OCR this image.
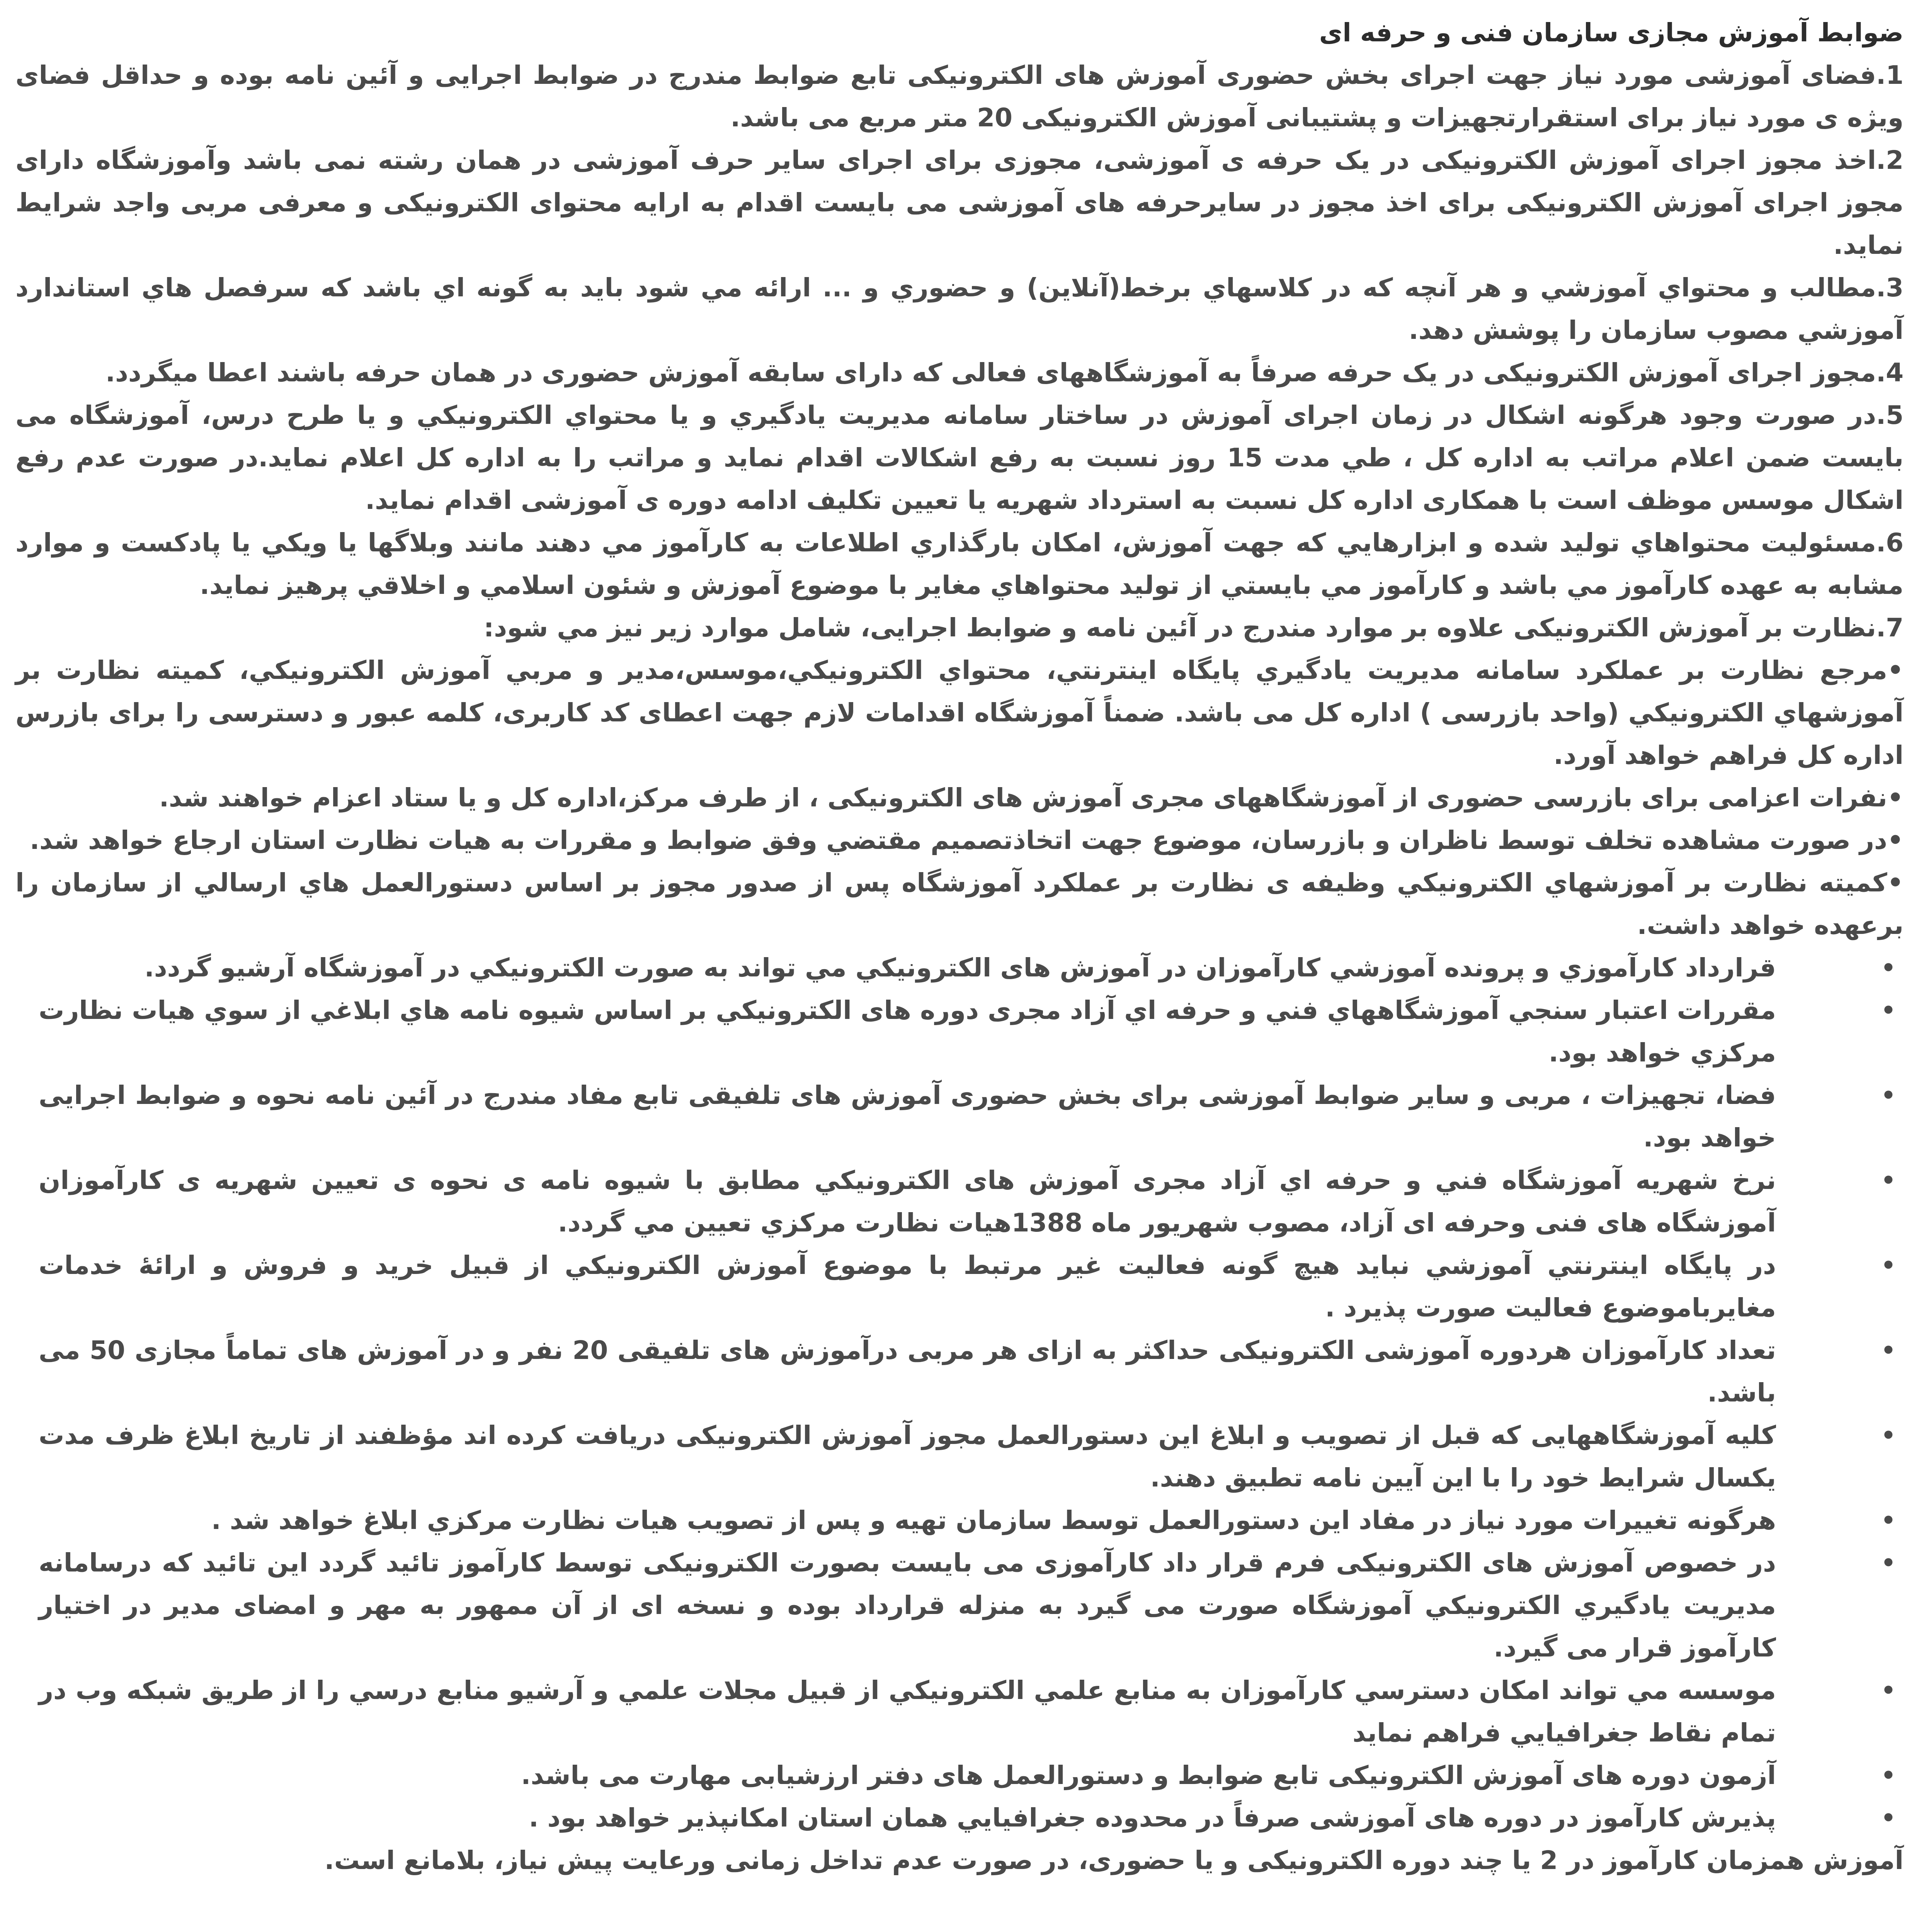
ضوابط آموزش مجازی سازمان فنی و حرفه ای

1.فضای آموزشی مورد نیاز جهت اجرای بخش حضوری آموزش های الکترونیکی تابع ضوابط مندرج در ضوابط اجرایی و آئین نامه بوده و حداقل فضای ویژه ی مورد نیاز برای استقرارتجهیزات و پشتیبانی آموزش الکترونیکی 20 متر مربع می باشد.

2.اخذ مجوز اجرای آموزش الکترونیکی در یک حرفه ی آموزشی، مجوزی برای اجرای سایر حرف آموزشی در همان رشته نمی باشد وآموزشگاه دارای مجوز اجرای آموزش الکترونیکی برای اخذ مجوز در سایرحرفه های آموزشی می بایست اقدام به ارایه محتوای الکترونیکی و معرفی مربی واجد شرایط نماید.

3.مطالب و محتواي آموزشي و هر آنچه که در كلاسهاي برخط(آنلاين) و حضوري و ... ارائه مي شود بايد به گونه اي باشد كه سرفصل هاي استاندارد آموزشي مصوب سازمان را پوشش دهد.

4.مجوز اجرای آموزش الکترونیکی در یک حرفه صرفاً به آموزشگاههای فعالی که دارای سابقه آموزش حضوری در همان حرفه باشند اعطا میگردد.

5.در صورت وجود هرگونه اشکال در زمان اجرای آموزش در ساختار سامانه مديريت يادگيري و يا محتواي الكترونيكي و يا طرح درس، آموزشگاه می بایست ضمن اعلام مراتب به اداره کل ، طي مدت 15 روز نسبت به رفع اشكالات اقدام نماید و مراتب را به اداره کل اعلام نماید.در صورت عدم رفع اشکال موسس موظف است با همکاری اداره کل نسبت به استرداد شهریه یا تعیین تکلیف ادامه دوره ی آموزشی اقدام نماید.

6.مسئوليت محتواهاي توليد شده و ابزارهايي كه جهت آموزش، امكان بارگذاري اطلاعات به كارآموز مي دهند مانند وبلاگها يا ويكي يا پادكست و موارد مشابه به عهده كارآموز مي باشد و كارآموز مي بايستي از توليد محتواهاي مغاير با موضوع آموزش و شئون اسلامي و اخلاقي پرهيز نمايد.

7.نظارت بر آموزش الکترونیکی علاوه بر موارد مندرج در آئین نامه و ضوابط اجرایی، شامل موارد زير نيز مي شود:

•مرجع نظارت بر عملكرد سامانه مديريت يادگيري پايگاه اينترنتي، محتواي الكترونيكي،موسس،مدير و مربي آموزش الكترونيكي، كميته نظارت بر آموزشهاي الكترونيكي (واحد بازرسی ) اداره كل می باشد. ضمناً آموزشگاه اقدامات لازم جهت اعطای کد کاربری، کلمه عبور و دسترسی را برای بازرس اداره کل فراهم خواهد آورد.

•نفرات اعزامی برای بازرسی حضوری از آموزشگاههای مجری آموزش های الکترونیکی ، از طرف مرکز،اداره کل و یا ستاد اعزام خواهند شد.

•در صورت مشاهده تخلف توسط ناظران و بازرسان، موضوع جهت اتخاذتصميم مقتضي وفق ضوابط و مقررات به هيات نظارت استان ارجاع خواهد شد.

•كميته نظارت بر آموزشهاي الكترونيكي وظيفه ی نظارت بر عملكرد آموزشگاه پس از صدور مجوز بر اساس دستورالعمل هاي ارسالي از سازمان را برعهده خواهد داشت.

•
قرارداد كارآموزي و پرونده آموزشي كارآموزان در آموزش های الكترونيكي مي تواند به صورت الكترونيكي در آموزشگاه آرشيو گردد.
•
مقررات اعتبار سنجي آموزشگاههاي فني و حرفه اي آزاد مجری دوره های الكترونيكي بر اساس شيوه نامه هاي ابلاغي از سوي هيات نظارت مركزي خواهد بود.
•
فضا، تجهیزات ، مربی و سایر ضوابط آموزشی برای بخش حضوری آموزش های تلفیقی تابع مفاد مندرج در آئین نامه نحوه و ضوابط اجرایی خواهد بود.
•
نرخ شهريه آموزشگاه فني و حرفه اي آزاد مجری آموزش های الكترونيكي مطابق با شيوه نامه ی نحوه ی تعيين شهريه ی کارآموزان آموزشگاه های فنی وحرفه ای آزاد، مصوب شهریور ماه 1388هيات نظارت مركزي تعيين مي گردد.
•
در پايگاه اينترنتي آموزشي نبايد هيچ گونه فعاليت غير مرتبط با موضوع آموزش الكترونيكي از قبيل خريد و فروش و ارائۀ خدمات مغايرباموضوع فعالیت صورت پذیرد .
•
تعداد کارآموزان هردوره آموزشی الکترونیکی حداکثر به ازای هر مربی درآموزش های تلفیقی 20 نفر و در آموزش های تماماً مجازی 50 می باشد.
•
کلیه آموزشگاههایی که قبل از تصویب و ابلاغ این دستورالعمل مجوز آموزش الکترونیکی دریافت کرده اند مؤظفند از تاریخ ابلاغ ظرف مدت یکسال شرایط خود را با این آیین نامه تطبیق دهند.
•
هرگونه تغییرات مورد نیاز در مفاد این دستورالعمل توسط سازمان تهیه و پس از تصویب هيات نظارت مركزي ابلاغ خواهد شد .
•
در خصوص آموزش های الکترونیکی فرم قرار داد کارآموزی می بایست بصورت الکترونیکی توسط کارآموز تائید گردد این تائید که درسامانه مديريت يادگيري الكترونيكي آموزشگاه صورت می گیرد به منزله قرارداد بوده و نسخه ای از آن ممهور به مهر و امضای مدیر در اختیار کارآموز قرار می گیرد.
•
موسسه مي تواند امکان دسترسي كارآموزان به منابع علمي الكترونيكي از قبيل مجلات علمي و آرشيو منابع درسي را از طريق شبكه وب در تمام نقاط جغرافيايي فراهم نمايد
•
آزمون دوره های آموزش الکترونیکی تابع ضوابط و دستورالعمل های دفتر ارزشیابی مهارت می باشد.
•
پذيرش كارآموز در دوره های آموزشی صرفاً در محدوده جغرافيايي همان استان امكانپذير خواهد بود .

آموزش همزمان کارآموز در 2 یا چند دوره الکترونیکی و یا حضوری، در صورت عدم تداخل زمانی ورعایت پیش نیاز، بلامانع است.
